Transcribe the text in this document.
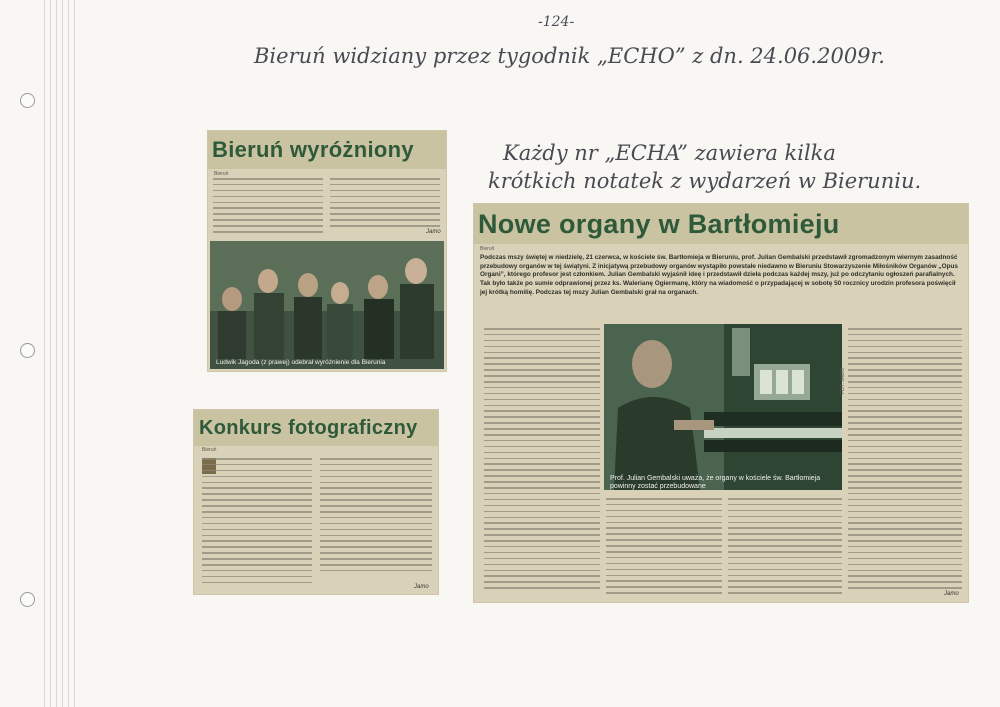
-124-
Bieruń widziany przez tygodnik „ECHO” z dn. 24.06.2009r.
Każdy nr „ECHA” zawiera kilka
krótkich notatek z wydarzeń w Bieruniu.
Bieruń wyróżniony
Bieruń
Jamo
Ludwik Jagoda (z prawej) odebrał wyróżnienie dla Bierunia
Konkurs fotograficzny
Bieruń
Jamo
Nowe organy w Bartłomieju
Bieruń
Podczas mszy świętej w niedzielę, 21 czerwca, w kościele św. Bartłomieja w Bieruniu, prof. Julian Gembalski przedstawił zgromadzonym wiernym zasadność przebudowy organów w tej świątyni. Z inicjatywą przebudowy organów wystąpiło powstałe niedawno w Bieruniu Stowarzyszenie Miłośników Organów „Opus Organi”, którego profesor jest członkiem. Julian Gembalski wyjaśnił ideę i przedstawił dzieła podczas każdej mszy, już po odczytaniu ogłoszeń parafialnych. Tak było także po sumie odprawionej przez ks. Walerianę Ogiermanę, który na wiadomość o przypadającej w sobotę 50 rocznicy urodzin profesora poświęcił jej krótką homilię. Podczas tej mszy Julian Gembalski grał na organach.
Prof. Julian Gembalski uważa, że organy w kościele św. Bartłomieja
powinny zostać przebudowane
FOT. JAMO
Jamo
